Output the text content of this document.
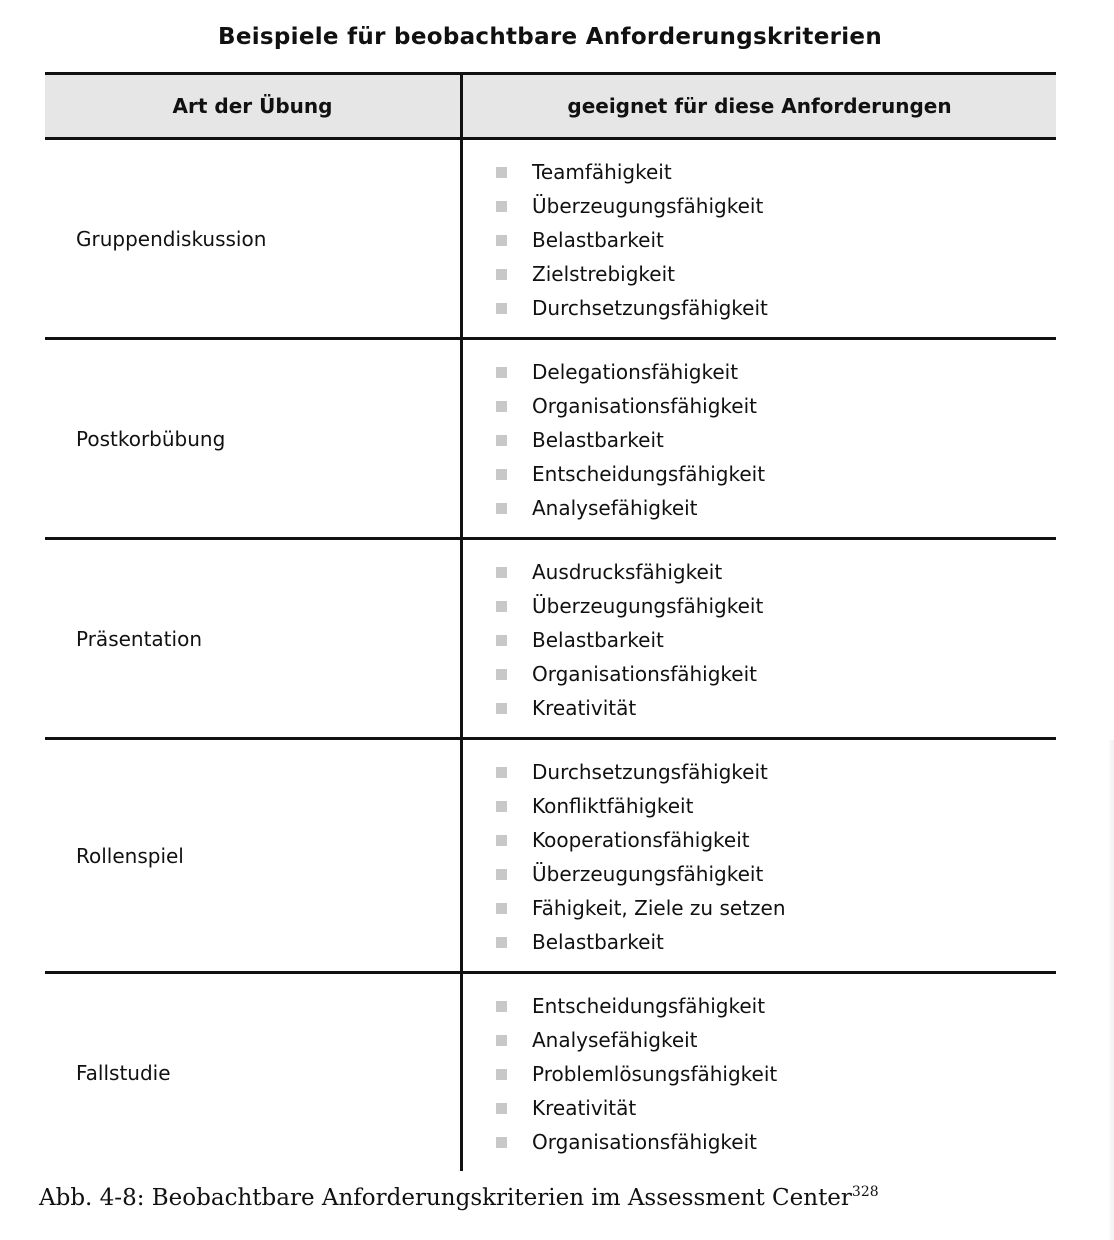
Beispiele für beobachtbare Anforderungskriterien
Art der Übung	geeignet für diese Anforderungen
Gruppendiskussion
Teamfähigkeit
Überzeugungsfähigkeit
Belastbarkeit
Zielstrebigkeit
Durchsetzungsfähigkeit
Postkorbübung
Delegationsfähigkeit
Organisationsfähigkeit
Belastbarkeit
Entscheidungsfähigkeit
Analysefähigkeit
Präsentation
Ausdrucksfähigkeit
Überzeugungsfähigkeit
Belastbarkeit
Organisationsfähigkeit
Kreativität
Rollenspiel
Durchsetzungsfähigkeit
Konfliktfähigkeit
Kooperationsfähigkeit
Überzeugungsfähigkeit
Fähigkeit, Ziele zu setzen
Belastbarkeit
Fallstudie
Entscheidungsfähigkeit
Analysefähigkeit
Problemlösungsfähigkeit
Kreativität
Organisationsfähigkeit
Abb. 4-8: Beobachtbare Anforderungskriterien im Assessment Center$^{328}$
